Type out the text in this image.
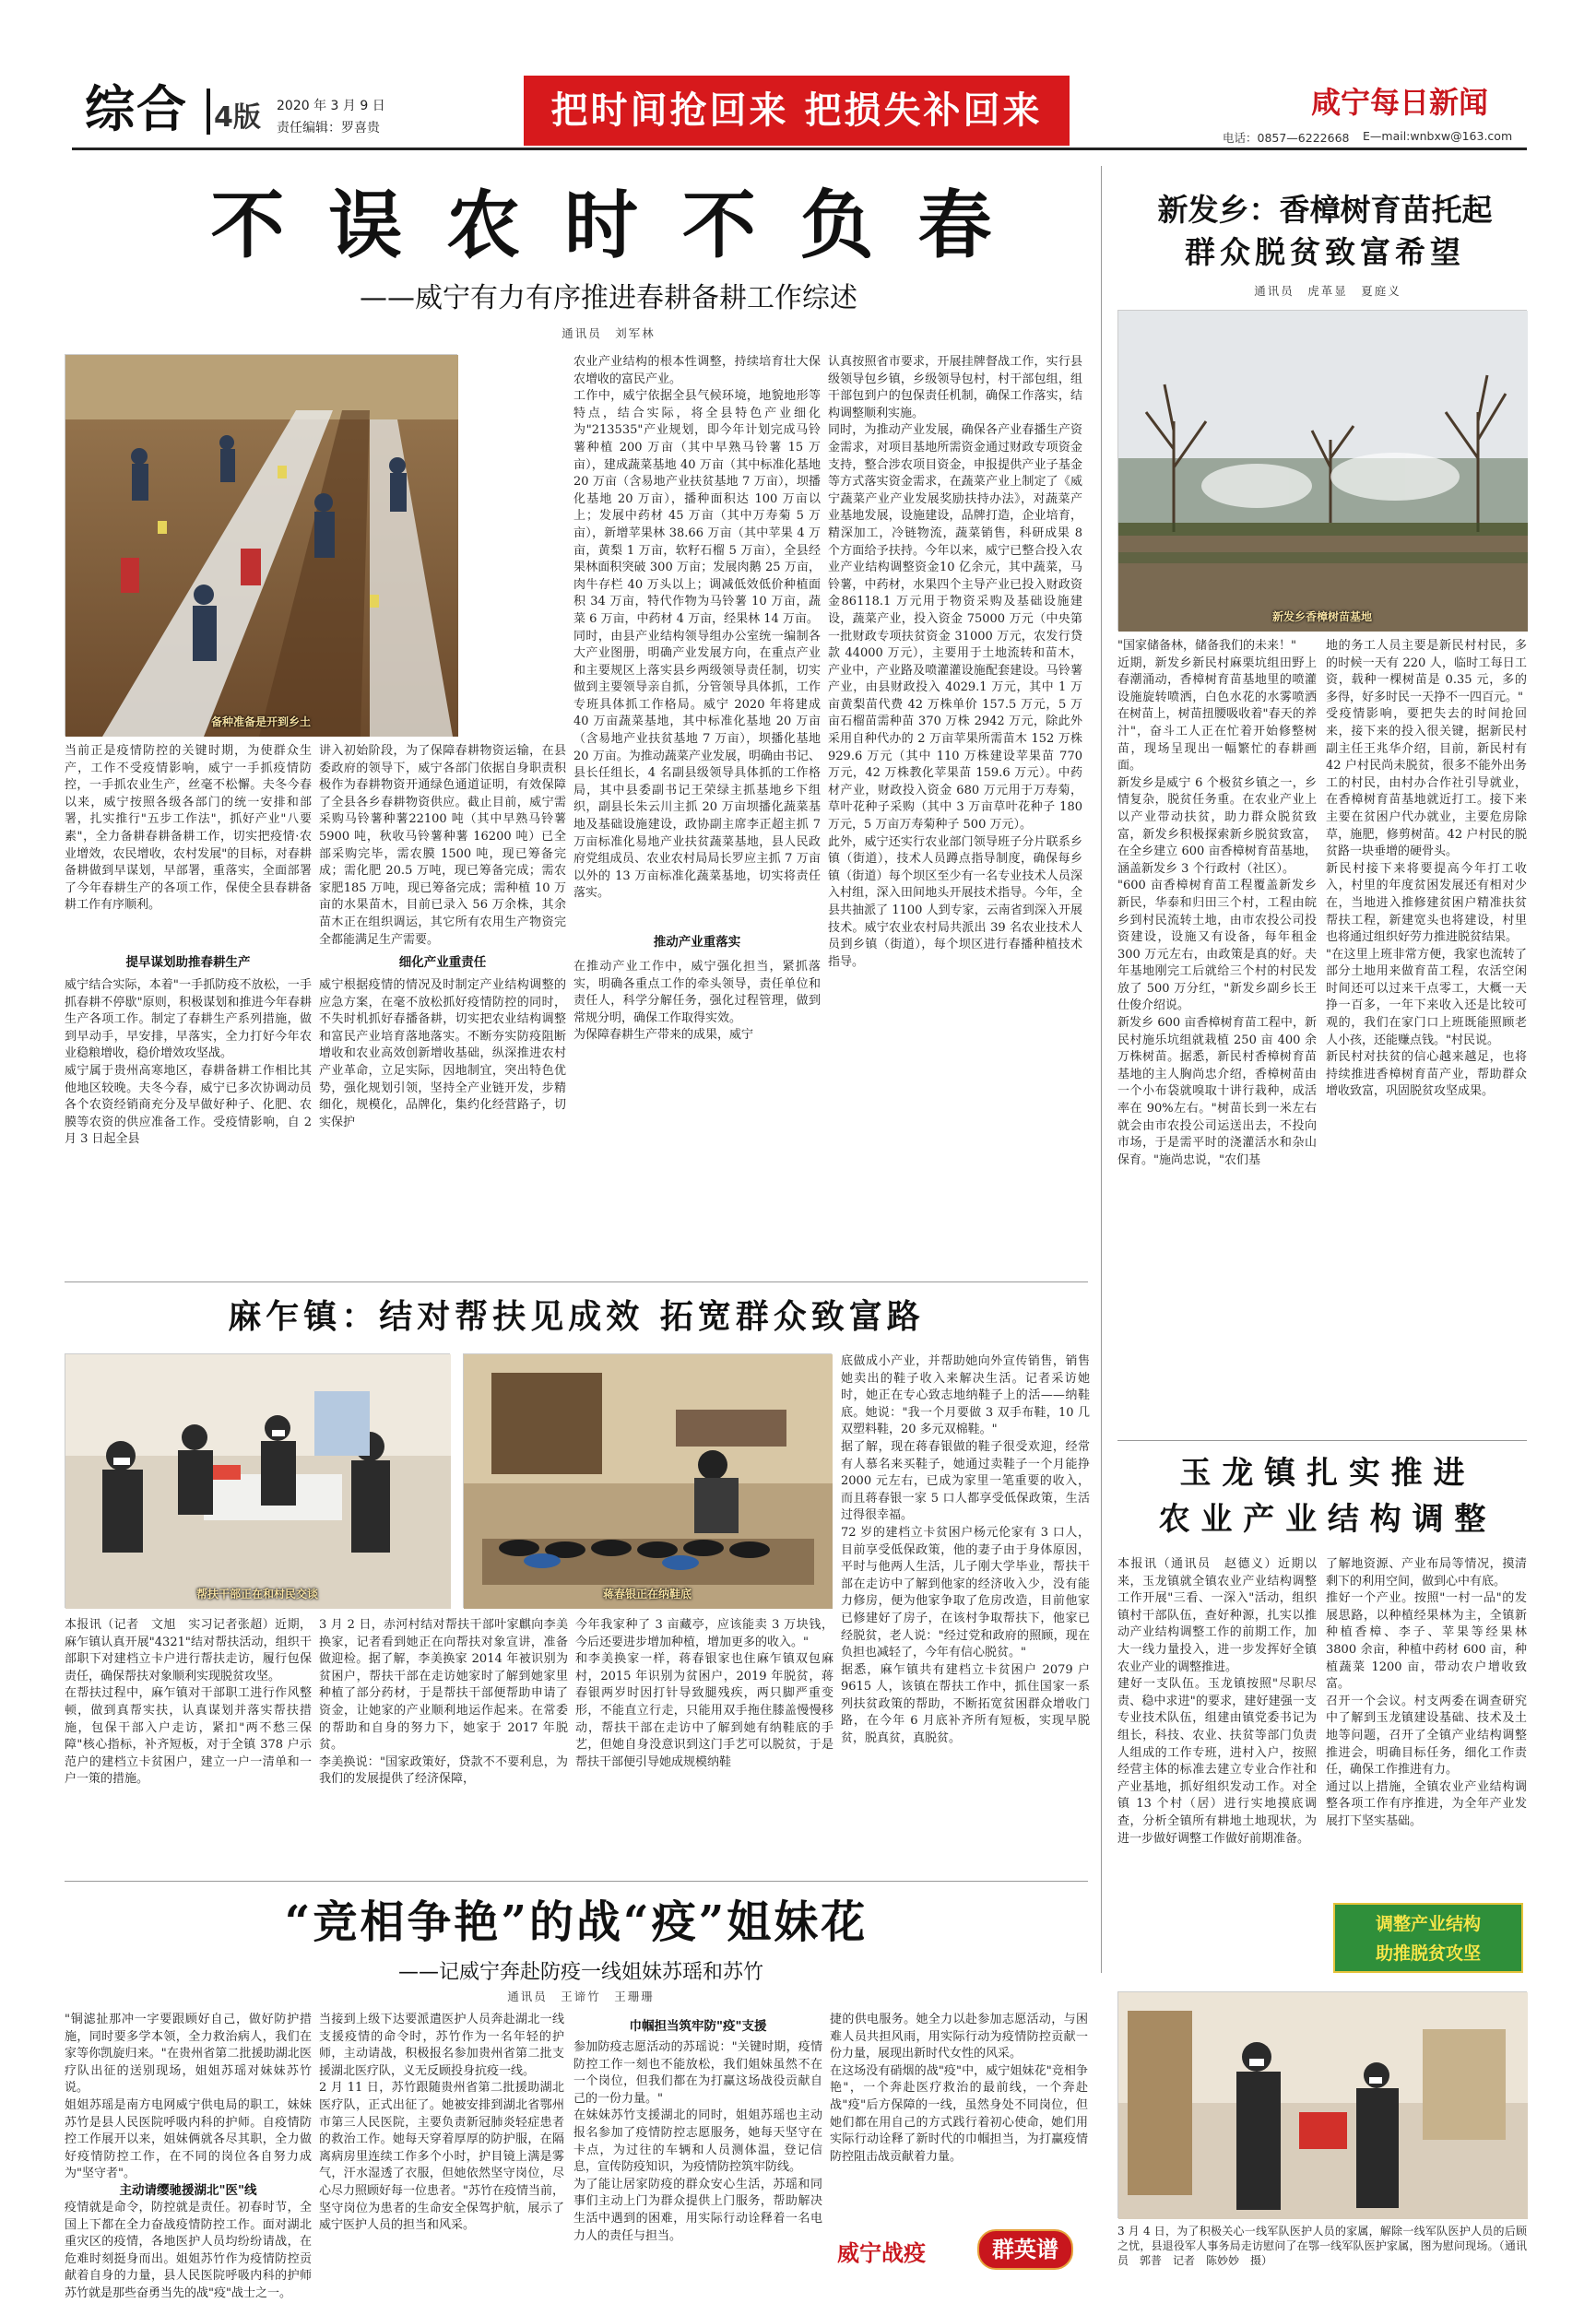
综合 4版 2020 年 3 月 9 日
责任编辑：罗喜贵	把时间抢回来 把损失补回来	咸宁每日新闻
电话：0857—6222668 E—mail:wnbxw@163.com
不 误 农 时 不 负 春
——威宁有力有序推进春耕备耕工作综述
通讯员　刘军林
备种准备是开到乡土
当前正是疫情防控的关键时期，为使群众生产，工作不受疫情影响，威宁一手抓疫情防控，一手抓农业生产，丝毫不松懈。夫冬今春以来，威宁按照各级各部门的统一安排和部署，扎实推行"五步工作法"，抓好产业"八要素"，全力备耕春耕备耕工作，切实把疫情·农业增效，农民增收，农村发展"的目标，对春耕备耕做到早谋划，早部署，重落实，全面部署了今年春耕生产的各项工作，保使全县春耕备耕工作有序顺利。
提早谋划助推春耕生产
威宁结合实际，本着"一手抓防疫不放松，一手抓春耕不停歇"原则，积极谋划和推进今年春耕生产各项工作。制定了春耕生产系列措施，做到早动手，早安排，早落实，全力打好今年农业稳粮增收，稳价增效攻坚战。
威宁属于贵州高寒地区，春耕备耕工作相比其他地区较晚。夫冬今春，威宁已多次协调动员各个农资经销商充分及早做好种子、化肥、农膜等农资的供应准备工作。受疫情影响，自 2 月 3 日起全县
讲入初始阶段，为了保障春耕物资运输，在县委政府的领导下，威宁各部门依据自身职责积极作为春耕物资开通绿色通道证明，有效保障了全县各乡春耕物资供应。截止目前，威宁需采购马铃薯种薯22100 吨（其中早熟马铃薯 5900 吨，秋收马铃薯种薯 16200 吨）已全部采购完毕，需农膜 1500 吨，现已筹备完成；需化肥 20.5 万吨，现已筹备完成；需农家肥185 万吨，现已筹备完成；需种植 10 万亩的水果苗木，目前已录入 56 万余株，其余苗木正在组织调运，其它所有农用生产物资完全都能满足生产需要。
细化产业重责任
威宁根据疫情的情况及时制定产业结构调整的应急方案，在毫不放松抓好疫情防控的同时，不失时机抓好春播备耕，切实把农业结构调整和富民产业培育落地落实。不断夯实防疫阻断增收和农业高效创新增收基础，纵深推进农村产业革命，立足实际，因地制宜，突出特色优势，强化规划引领，坚持全产业链开发，步精细化，规模化，品牌化，集约化经营路子，切实保护
农业产业结构的根本性调整，持续培育壮大保农增收的富民产业。
工作中，威宁依据全县气候环境，地貌地形等特点，结合实际，将全县特色产业细化为"213535"产业规划，即今年计划完成马铃薯种植 200 万亩（其中早熟马铃薯 15 万亩），建成蔬菜基地 40 万亩（其中标准化基地 20 万亩（含易地产业扶贫基地 7 万亩），坝播化基地 20 万亩），播种面积达 100 万亩以上；发展中药材 45 万亩（其中万寿菊 5 万亩），新增苹果林 38.66 万亩（其中苹果 4 万亩，黄梨 1 万亩，软籽石榴 5 万亩），全县经果林面积突破 300 万亩；发展肉鹅 25 万亩，肉牛存栏 40 万头以上；调减低效低价种植面积 34 万亩，特代作物为马铃薯 10 万亩，蔬菜 6 万亩，中药材 4 万亩，经果林 14 万亩。
同时，由县产业结构领导组办公室统一编制各大产业图册，明确产业发展方向，在重点产业和主要规区上落实县乡两级领导责任制，切实做到主要领导亲自抓，分管领导具体抓，工作专班具体抓工作格局。威宁 2020 年将建成 40 万亩蔬菜基地，其中标准化基地 20 万亩（含易地产业扶贫基地 7 万亩），坝播化基地 20 万亩。为推动蔬菜产业发展，明确由书记、县长任组长，4 名副县级领导具体抓的工作格局，其中县委副书记王荣绿主抓基地乡下组织，副县长朱云川主抓 20 万亩坝播化蔬菜基地及基础设施建设，政协副主席李正超主抓 7 万亩标准化易地产业扶贫蔬菜基地，县人民政府党组成员、农业农村局局长罗应主抓 7 万亩以外的 13 万亩标准化蔬菜基地，切实将责任落实。
推动产业重落实
在推动产业工作中，威宁强化担当，紧抓落实，明确各重点工作的牵头领导，责任单位和责任人，科学分解任务，强化过程管理，做到常规分明，确保工作取得实效。
为保障春耕生产带来的成果，威宁
认真按照省市要求，开展挂牌督战工作，实行县级领导包乡镇，乡级领导包村，村干部包组，组干部包到户的包保责任机制，确保工作落实，结构调整顺利实施。
同时，为推动产业发展，确保各产业春播生产资金需求，对项目基地所需资金通过财政专项资金支持，整合涉农项目资金，申报提供产业子基金等方式落实资金需求，在蔬菜产业上制定了《威宁蔬菜产业产业发展奖励扶持办法》，对蔬菜产业基地发展，设施建设，品牌打造，企业培育，精深加工，冷链物流，蔬菜销售，科研成果 8 个方面给予扶持。今年以来，威宁已整合投入农业产业结构调整资金10 亿余元，其中蔬菜，马铃薯，中药材，水果四个主导产业已投入财政资金86118.1 万元用于物资采购及基础设施建设，蔬菜产业，投入资金 75000 万元（中央第一批财政专项扶贫资金 31000 万元，农发行贷款 44000 万元），主要用于土地流转和苗木，产业中，产业路及喷灌灌设施配套建设。马铃薯产业，由县财政投入 4029.1 万元，其中 1 万亩黄梨苗代费 42 万株单价 157.5 万元，5 万亩石榴苗需种苗 370 万株 2942 万元，除此外采用自种代办的 2 万亩苹果所需苗木 152 万株 929.6 万元（其中 110 万株建设苹果苗 770 万元，42 万株教化苹果苗 159.6 万元）。中药材产业，财政投入资金 680 万元用于万寿菊，草叶花种子采购（其中 3 万亩草叶花种子 180 万元，5 万亩万寿菊种子 500 万元）。
此外，威宁还实行农业部门领导班子分片联系乡镇（街道），技术人员蹲点指导制度，确保每乡镇（街道）每个坝区至少有一名专业技术人员深入村组，深入田间地头开展技术指导。今年，全县共抽派了 1100 人到专家，云南省到深入开展技术。威宁农业农村局共派出 39 名农业技术人员到乡镇（街道），每个坝区进行春播种植技术指导。
新发乡：香樟树育苗托起
群众脱贫致富希望
通讯员　虎革显　夏庭义
新发乡香樟树苗基地
"国家储备林，储备我们的未来！"
近期，新发乡新民村麻栗坑组田野上春潮涌动，香樟树育苗基地里的喷灌设施旋转喷洒，白色水花的水雾喷洒在树苗上，树苗扭腰吸收着"春天的养汁"，奋斗工人正在忙着开始修整树苗，现场呈现出一幅繁忙的春耕画面。
新发乡是威宁 6 个极贫乡镇之一，乡情复杂，脱贫任务重。在农业产业上以产业带动扶贫，助力群众脱贫致富，新发乡积极探索新乡脱贫致富，在全乡建立 600 亩香樟树育苗基地，涵盖新发乡 3 个行政村（社区）。
"600 亩香樟树育苗工程覆盖新发乡新民，华泰和归田三个村，工程由皖乡到村民流转土地，由市农投公司投资建设，设施又有设备，每年租金 300 万元左右，由政策是真的好。夫年基地刚完工后就给三个村的村民发放了 500 万分红，"新发乡副乡长王仕俊介绍说。
新发乡 600 亩香樟树育苗工程中，新民村施乐坑组就栽植 250 亩 400 余万株树苗。据悉，新民村香樟树育苗基地的主人胸尚忠介绍，香樟树苗由一个小布袋就嗅取十讲行栽种，成活率在 90%左右。"树苗长到一米左右就会由市农投公司运送出去，不投向市场，于是需平时的浇灌活水和杂山保育。"施尚忠说，"农们基
地的务工人员主要是新民村村民，多的时候一天有 220 人，临时工每日工资，载种一棵树苗是 0.35 元，多的多得，好多时民一天挣不一四百元。"
受疫情影响，要把失去的时间抢回来，接下来的投入很关键，据新民村副主任王兆华介绍，目前，新民村有 42 户村民尚未脱贫，很多不能外出务工的村民，由村办合作社引导就业，在香樟树育苗基地就近打工。接下来主要在贫困户代办就业，主要危房除草，施肥，修剪树苗。42 户村民的脱贫路一块垂增的硬骨头。
新民村接下来将要提高今年打工收入，村里的年度贫困发展还有相对少在，当地进入推修建贫困户精准扶贫帮扶工程，新建宽头也将建设，村里也将通过组织好劳力推进脱贫结果。
"在这里上班非常方便，我家也流转了部分土地用来做育苗工程，农活空闲时间还可以过来干点零工，大概一天挣一百多，一年下来收入还是比较可观的，我们在家门口上班既能照顾老人小孩，还能赚点钱。"村民说。
新民村对扶贫的信心越来越足，也将持续推进香樟树育苗产业，帮助群众增收致富，巩固脱贫攻坚成果。
麻乍镇：结对帮扶见成效 拓宽群众致富路
帮扶干部正在和村民交谈	蒋春银正在纳鞋底
底做成小产业，并帮助她向外宣传销售，销售她卖出的鞋子收入来解决生活。记者采访她时，她正在专心致志地纳鞋子上的活——纳鞋底。她说："我一个月要做 3 双手布鞋，10 几双塑料鞋，20 多元双棉鞋。"
据了解，现在蒋春银做的鞋子很受欢迎，经常有人慕名来买鞋子，她通过卖鞋子一个月能挣 2000 元左右，已成为家里一笔重要的收入，而且蒋春银一家 5 口人都享受低保政策，生活过得很幸福。
72 岁的建档立卡贫困户杨元伦家有 3 口人，目前享受低保政策，他的妻子由于身体原因，平时与他两人生活，儿子刚大学毕业，帮扶干部在走访中了解到他家的经济收入少，没有能力修房，便为他家争取了危房改造，目前他家已修建好了房子，在该村争取帮扶下，他家已经脱贫，老人说："经过党和政府的照顾，现在负担也减轻了，今年有信心脱贫。"
据悉，麻乍镇共有建档立卡贫困户 2079 户 9615 人，该镇在帮扶工作中，抓住国家一系列扶贫政策的帮助，不断拓宽贫困群众增收门路，在今年 6 月底补齐所有短板，实现早脱贫，脱真贫，真脱贫。
本报讯（记者　文旭　实习记者张超）近期，麻乍镇认真开展"4321"结对帮扶活动，组织干部职下对建档立卡户进行帮扶走访，履行包保责任，确保帮扶对象顺利实现脱贫攻坚。
在帮扶过程中，麻乍镇对干部职工进行作风整顿，做到真帮实扶，认真谋划并落实帮扶措施，包保干部入户走访，紧扣"两不愁三保障"核心指标，补齐短板，对于全镇 378 户示范户的建档立卡贫困户，建立一户一清单和一户一策的措施。
3 月 2 日，赤河村结对帮扶干部叶家麒向李美换家，记者看到她正在向帮扶对象宣讲，准备做迎检。据了解，李美换家 2014 年被识别为贫困户，帮扶干部在走访她家时了解到她家里种植了部分药材，于是帮扶干部便帮助申请了资金，让她家的产业顺利地运作起来。在常委的帮助和自身的努力下，她家于 2017 年脱贫。
李美换说："国家政策好，贷款不不要利息，为我们的发展提供了经济保障，
今年我家种了 3 亩藏亭，应该能卖 3 万块钱，今后还要进步增加种植，增加更多的收入。"
和李美换家一样，蒋春银家也住麻乍镇双包麻村，2015 年识别为贫困户，2019 年脱贫，蒋春银两岁时因打针导致腿残疾，两只脚严重变形，不能直立行走，只能用双手拖住膝盖慢慢移动，帮扶干部在走访中了解到她有纳鞋底的手艺，但她自身没意识到这门手艺可以脱贫，于是帮扶干部便引导她成规模纳鞋
玉 龙 镇 扎 实 推 进
农 业 产 业 结 构 调 整
本报讯（通讯员　赵德义）近期以来，玉龙镇就全镇农业产业结构调整工作开展"三看、一深入"活动，组织镇村干部队伍，查好种源，扎实以推动产业结构调整工作的前期工作，加大一线力量投入，进一步发挥好全镇农业产业的调整推进。
建好一支队伍。玉龙镇按照"尽职尽责、稳中求进"的要求，建好建强一支专业技术队伍，组建由镇党委书记为组长，科技、农业、扶贫等部门负责人组成的工作专班，进村入户，按照经营主体的标准去建立专业合作社和产业基地，抓好组织发动工作。对全镇 13 个村（居）进行实地摸底调查，分析全镇所有耕地土地现状，为进一步做好调整工作做好前期准备。
了解地资源、产业布局等情况，摸清剩下的利用空间，做到心中有底。
推好一个产业。按照"一村一品"的发展思路，以种植经果林为主，全镇新种植香樟、李子、苹果等经果林 3800 余亩，种植中药材 600 亩，种植蔬菜 1200 亩，带动农户增收致富。
召开一个会议。村支两委在调查研究中了解到玉龙镇建设基础、技术及土地等问题，召开了全镇产业结构调整推进会，明确目标任务，细化工作责任，确保工作推进有力。
通过以上措施，全镇农业产业结构调整各项工作有序推进，为全年产业发展打下坚实基础。
调整产业结构
助推脱贫攻坚
“竞相争艳”的战“疫”姐妹花
——记威宁奔赴防疫一线姐妹苏瑶和苏竹
通讯员　王谛竹　王珊珊
"铜滤扯那冲一字要跟顾好自己，做好防护措施，同时要多学本领，全力救治病人，我们在家等你凯旋归来。"在贵州省第二批援助湖北医疗队出征的送别现场，姐姐苏瑶对妹妹苏竹说。
姐姐苏瑶是南方电网威宁供电局的职工，妹妹苏竹是县人民医院呼吸内科的护师。自疫情防控工作展开以来，姐妹俩就各尽其职，全力做好疫情防控工作，在不同的岗位各自努力成为"坚守者"。
主动请缨驰援湖北"医"线
疫情就是命令，防控就是责任。初春时节，全国上下都在全力奋战疫情防控工作。面对湖北重灾区的疫情，各地医护人员均纷纷请战，在危难时刻挺身而出。姐姐苏竹作为疫情防控贡献着自身的力量，县人民医院呼吸内科的护师苏竹就是那些奋勇当先的战"疫"战士之一。
当接到上级下达要派遣医护人员奔赴湖北一线支援疫情的命令时，苏竹作为一名年轻的护师，主动请战，积极报名参加贵州省第二批支援湖北医疗队，义无反顾投身抗疫一线。
2 月 11 日，苏竹跟随贵州省第二批援助湖北医疗队，正式出征了。她被安排到湖北省鄂州市第三人民医院，主要负责新冠肺炎轻症患者的救治工作。她每天穿着厚厚的防护服，在隔离病房里连续工作多个小时，护目镜上满是雾气，汗水湿透了衣服，但她依然坚守岗位，尽心尽力照顾好每一位患者。"苏竹在疫情当前，坚守岗位为患者的生命安全保驾护航，展示了威宁医护人员的担当和风采。
巾帼担当筑牢防"疫"支援
参加防疫志愿活动的苏瑶说："关键时期，疫情防控工作一刻也不能放松，我们姐妹虽然不在一个岗位，但我们都在为打赢这场战役贡献自己的一份力量。"
在妹妹苏竹支援湖北的同时，姐姐苏瑶也主动报名参加了疫情防控志愿服务，她每天坚守在卡点，为过往的车辆和人员测体温，登记信息，宣传防疫知识，为疫情防控筑牢防线。
为了能让居家防疫的群众安心生活，苏瑶和同事们主动上门为群众提供上门服务，帮助解决生活中遇到的困难，用实际行动诠释着一名电力人的责任与担当。
捷的供电服务。她全力以赴参加志愿活动，与困难人员共担风雨，用实际行动为疫情防控贡献一份力量，展现出新时代女性的风采。
在这场没有硝烟的战"疫"中，威宁姐妹花"竞相争艳"，一个奔赴医疗救治的最前线，一个奔赴战"疫"后方保障的一线，虽然身处不同岗位，但她们都在用自己的方式践行着初心使命，她们用实际行动诠释了新时代的巾帼担当，为打赢疫情防控阻击战贡献着力量。
威宁战疫	群英谱
3 月 4 日，为了积极关心一线军队医护人员的家属，解除一线军队医护人员的后顾之忧，县退役军人事务局走访慰问了在鄂一线军队医护家属，图为慰问现场。（通讯员　郭普　记者　陈妙妙　摄）
